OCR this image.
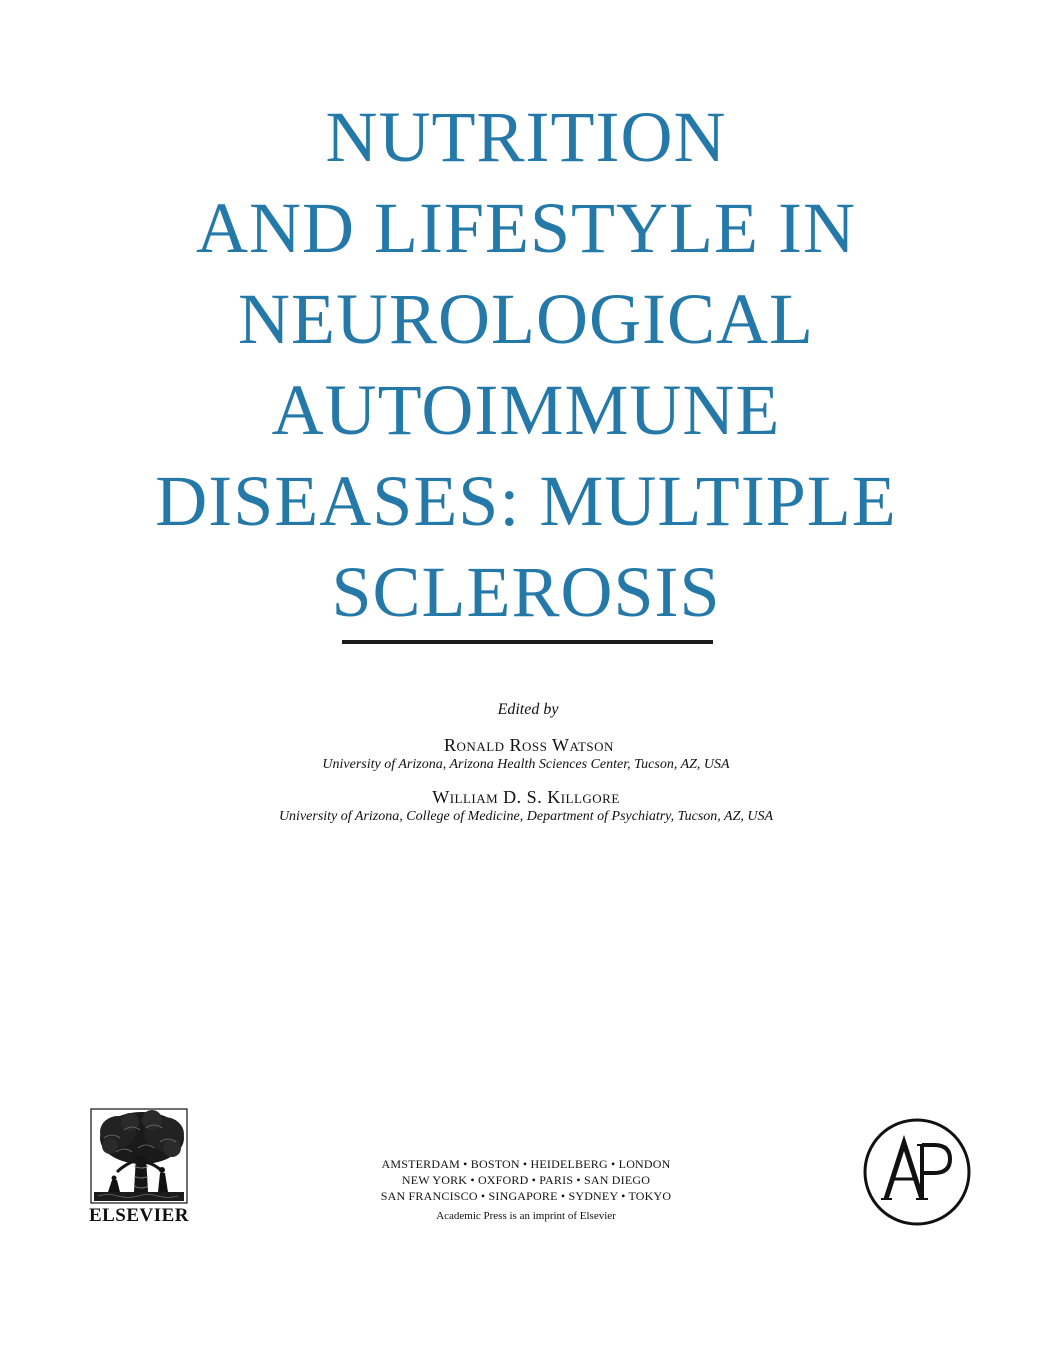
NUTRITION
AND LIFESTYLE IN
NEUROLOGICAL
AUTOIMMUNE
DISEASES: MULTIPLE
SCLEROSIS
Edited by
Ronald Ross Watson
University of Arizona, Arizona Health Sciences Center, Tucson, AZ, USA
William D. S. Killgore
University of Arizona, College of Medicine, Department of Psychiatry, Tucson, AZ, USA
ELSEVIER
AMSTERDAM • BOSTON • HEIDELBERG • LONDON
NEW YORK • OXFORD • PARIS • SAN DIEGO
SAN FRANCISCO • SINGAPORE • SYDNEY • TOKYO
Academic Press is an imprint of Elsevier
